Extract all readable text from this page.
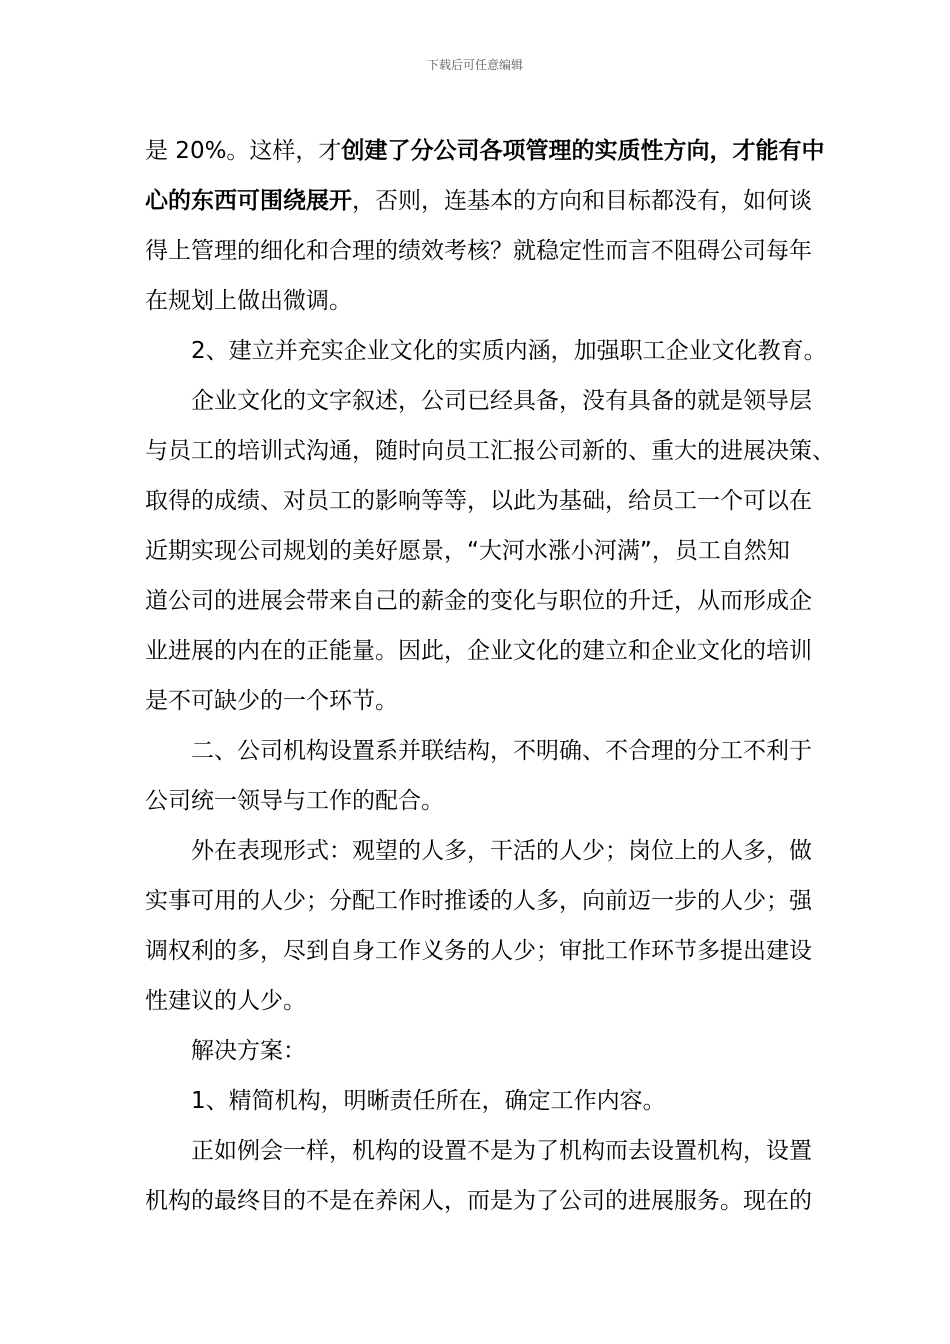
下载后可任意编辑
是 20%。这样，才创建了分公司各项管理的实质性方向，才能有中
心的东西可围绕展开，否则，连基本的方向和目标都没有，如何谈
得上管理的细化和合理的绩效考核？就稳定性而言不阻碍公司每年
在规划上做出微调。
2、建立并充实企业文化的实质内涵，加强职工企业文化教育。
企业文化的文字叙述，公司已经具备，没有具备的就是领导层
与员工的培训式沟通，随时向员工汇报公司新的、重大的进展决策、
取得的成绩、对员工的影响等等，以此为基础，给员工一个可以在
近期实现公司规划的美好愿景，“大河水涨小河满”，员工自然知
道公司的进展会带来自己的薪金的变化与职位的升迁，从而形成企
业进展的内在的正能量。因此，企业文化的建立和企业文化的培训
是不可缺少的一个环节。
二、公司机构设置系并联结构，不明确、不合理的分工不利于
公司统一领导与工作的配合。
外在表现形式：观望的人多，干活的人少；岗位上的人多，做
实事可用的人少；分配工作时推诿的人多，向前迈一步的人少；强
调权利的多，尽到自身工作义务的人少；审批工作环节多提出建设
性建议的人少。
解决方案：
1、精简机构，明晰责任所在，确定工作内容。
正如例会一样，机构的设置不是为了机构而去设置机构，设置
机构的最终目的不是在养闲人，而是为了公司的进展服务。现在的
